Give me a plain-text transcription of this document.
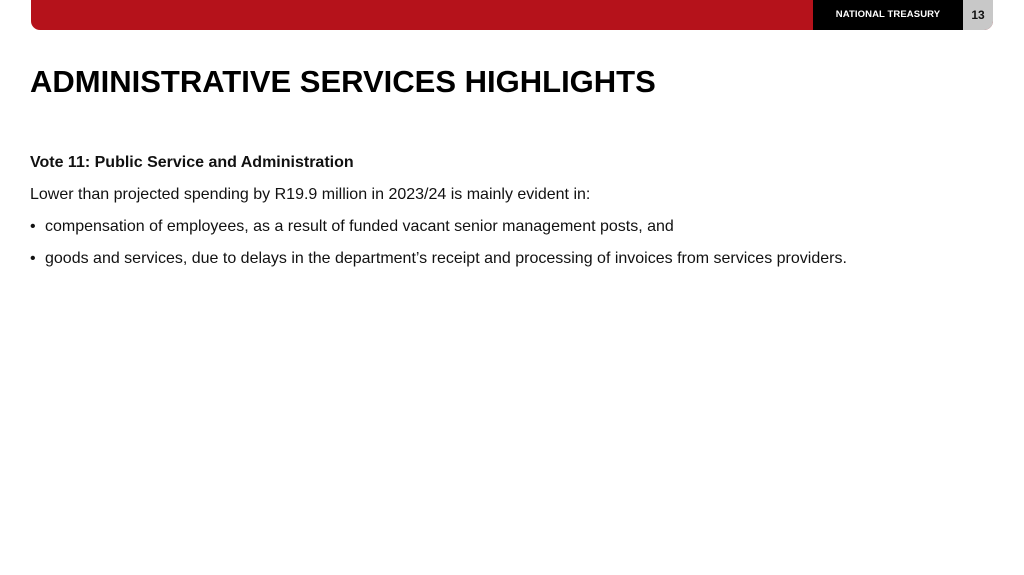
NATIONAL TREASURY	13
ADMINISTRATIVE SERVICES HIGHLIGHTS
Vote 11: Public Service and Administration
Lower than projected spending by R19.9 million in 2023/24 is mainly evident in:
• compensation of employees, as a result of funded vacant senior management posts, and
• goods and services, due to delays in the department’s receipt and processing of invoices from services providers.
